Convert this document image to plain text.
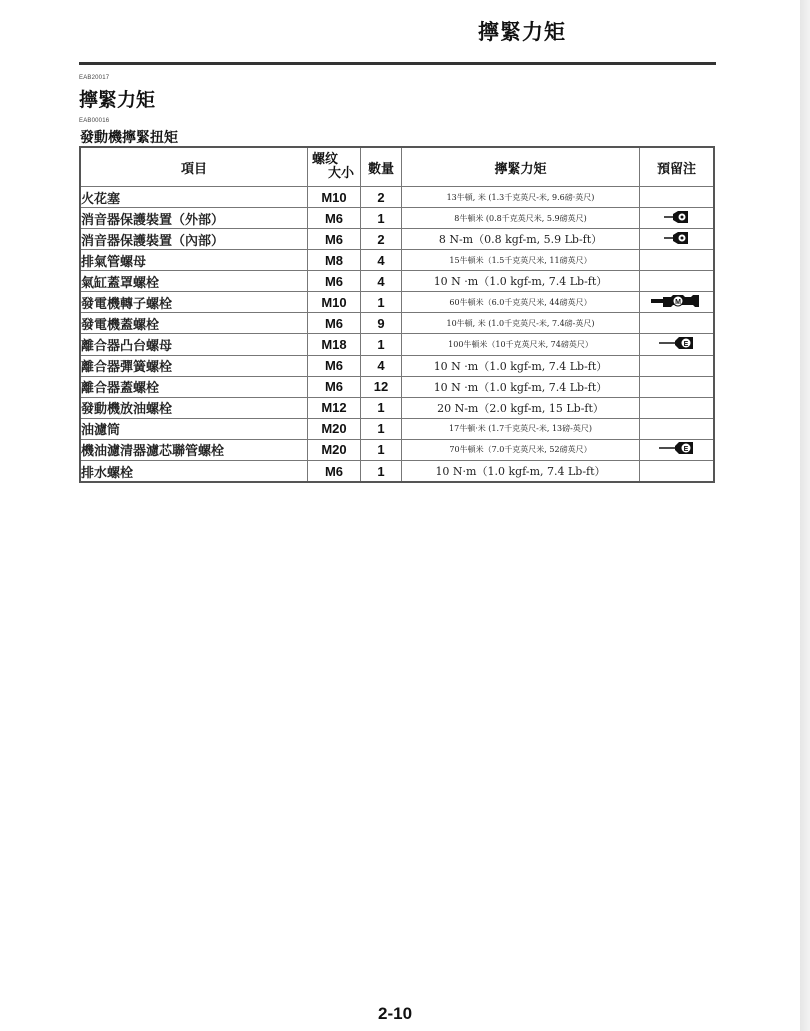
擰緊力矩
EAB20017
擰緊力矩
EAB00016
發動機擰緊扭矩
項目	螺纹
大小	數量	擰緊力矩	預留注
火花塞	M10	2	13牛頓, 米 (1.3千克英尺-米, 9.6磅·英尺)	
消音器保護裝置（外部）	M6	1	8牛頓米 (0.8千克英尺米, 5.9磅英尺)	
消音器保護裝置（內部）	M6	2	8 N-m（0.8 kgf-m, 5.9 Lb-ft）	
排氣管螺母	M8	4	15牛頓米（1.5千克英尺米, 11磅英尺）	
氣缸蓋罩螺栓	M6	4	10 N ·m（1.0 kgf-m, 7.4 Lb-ft）	
發電機轉子螺栓	M10	1	60牛頓米（6.0千克英尺米, 44磅英尺）	M

發電機蓋螺栓	M6	9	10牛頓, 米 (1.0千克英尺-米, 7.4磅-英尺)	
離合器凸台螺母	M18	1	100牛頓米（10千克英尺米, 74磅英尺）	E

離合器彈簧螺栓	M6	4	10 N ·m（1.0 kgf-m, 7.4 Lb-ft）	
離合器蓋螺栓	M6	12	10 N ·m（1.0 kgf-m, 7.4 Lb-ft）	
發動機放油螺栓	M12	1	20 N-m（2.0 kgf-m, 15 Lb-ft）	
油濾筒	M20	1	17牛頓·米 (1.7千克英尺-米, 13磅-英尺)	
機油濾清器濾芯聯管螺栓	M20	1	70牛頓米（7.0千克英尺米, 52磅英尺）	E

排水螺栓	M6	1	10 N·m（1.0 kgf-m, 7.4 Lb-ft）	
2-10
